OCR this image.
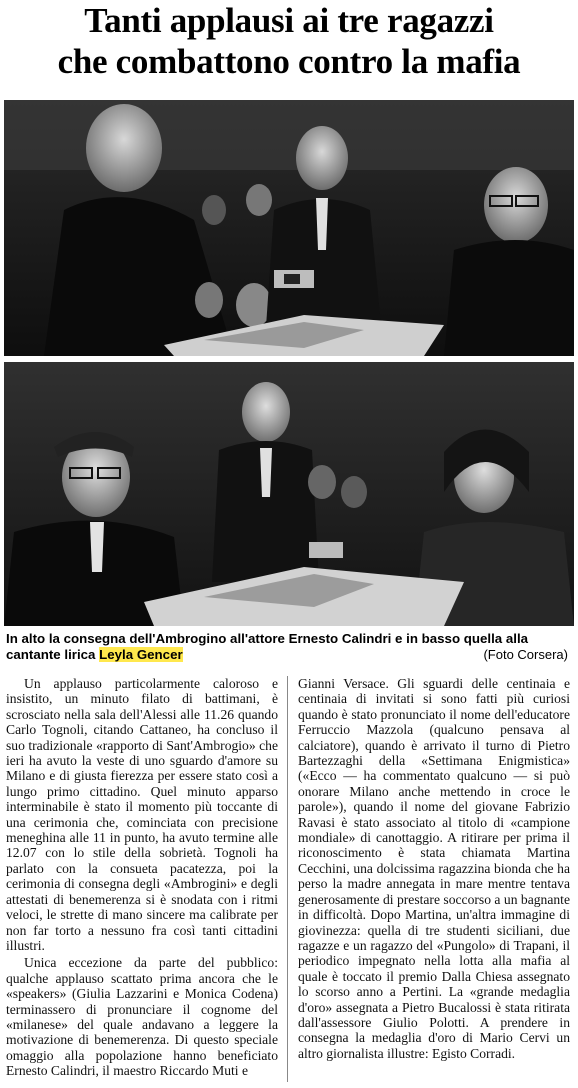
Tanti applausi ai tre ragazzi
che combattono contro la mafia
In alto la consegna dell'Ambrogino all'attore Ernesto Calindri e in basso quella alla cantante lirica Leyla Gencer	(Foto Corsera)

Un applauso particolarmente caloroso e insistito, un minuto filato di battimani, è scrosciato nella sala dell'Alessi alle 11.26 quando Carlo Tognoli, citando Cattaneo, ha concluso il suo tradizionale «rapporto di Sant'Ambrogio» che ieri ha avuto la veste di uno sguardo d'amore su Milano e di giusta fierezza per essere stato così a lungo primo cittadino. Quel minuto apparso interminabile è stato il momento più toccante di una cerimonia che, cominciata con precisione meneghina alle 11 in punto, ha avuto termine alle 12.07 con lo stile della sobrietà. Tognoli ha parlato con la consueta pacatezza, poi la cerimonia di consegna degli «Ambrogini» e degli attestati di benemerenza si è snodata con i ritmi veloci, le strette di mano sincere ma calibrate per non far torto a nessuno fra così tanti cittadini illustri.

Unica eccezione da parte del pubblico: qualche applauso scattato prima ancora che le «speakers» (Giulia Lazzarini e Monica Codena) terminassero di pronunciare il cognome del «milanese» del quale andavano a leggere la motivazione di benemerenza. Di questo speciale omaggio alla popolazione hanno beneficiato Ernesto Calindri, il maestro Riccardo Muti e

Gianni Versace. Gli sguardi delle centinaia e centinaia di invitati si sono fatti più curiosi quando è stato pronunciato il nome dell'educatore Ferruccio Mazzola (qualcuno pensava al calciatore), quando è arrivato il turno di Pietro Bartezzaghi della «Settimana Enigmistica» («Ecco — ha commentato qualcuno — si può onorare Milano anche mettendo in croce le parole»), quando il nome del giovane Fabrizio Ravasi è stato associato al titolo di «campione mondiale» di canottaggio. A ritirare per prima il riconoscimento è stata chiamata Martina Cecchini, una dolcissima ragazzina bionda che ha perso la madre annegata in mare mentre tentava generosamente di prestare soccorso a un bagnante in difficoltà. Dopo Martina, un'altra immagine di giovinezza: quella di tre studenti siciliani, due ragazze e un ragazzo del «Pungolo» di Trapani, il periodico impegnato nella lotta alla mafia al quale è toccato il premio Dalla Chiesa assegnato lo scorso anno a Pertini. La «grande medaglia d'oro» assegnata a Pietro Bucalossi è stata ritirata dall'assessore Giulio Polotti. A prendere in consegna la medaglia d'oro di Mario Cervi un altro giornalista illustre: Egisto Corradi.
